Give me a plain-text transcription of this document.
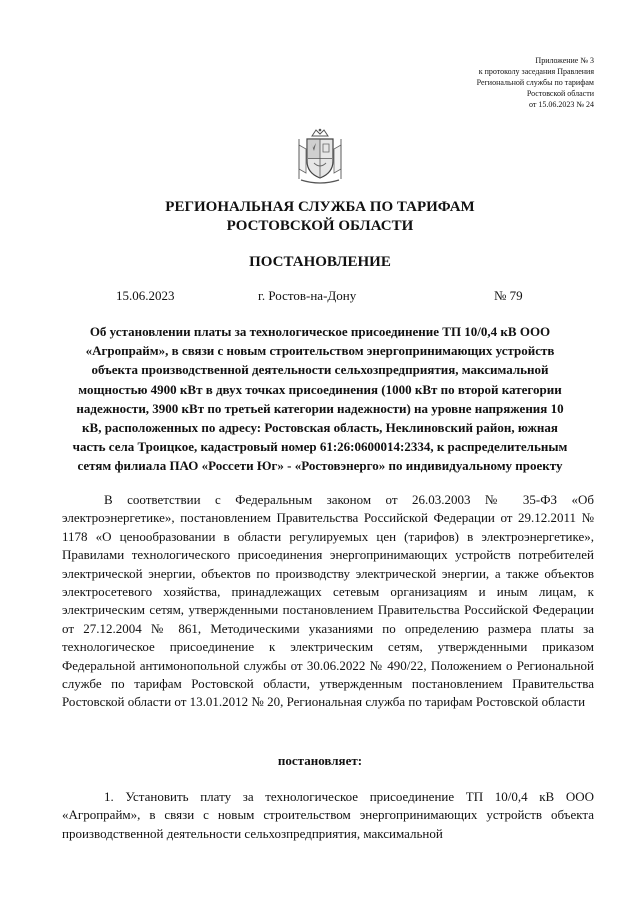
Приложение № 3
к протоколу заседания Правления
Региональной службы по тарифам
Ростовской области
от 15.06.2023 № 24
РЕГИОНАЛЬНАЯ СЛУЖБА ПО ТАРИФАМ
РОСТОВСКОЙ ОБЛАСТИ
ПОСТАНОВЛЕНИЕ
15.06.2023	г. Ростов-на-Дону	№ 79
Об установлении платы за технологическое присоединение ТП 10/0,4 кВ ООО «Агропрайм», в связи с новым строительством энергопринимающих устройств объекта производственной деятельности сельхозпредприятия, максимальной мощностью 4900 кВт в двух точках присоединения (1000 кВт по второй категории надежности, 3900 кВт по третьей категории надежности) на уровне напряжения 10 кВ, расположенных по адресу: Ростовская область, Неклиновский район, южная часть села Троицкое, кадастровый номер 61:26:0600014:2334, к распределительным сетям филиала ПАО «Россети Юг» - «Ростовэнерго» по индивидуальному проекту
В соответствии с Федеральным законом от 26.03.2003 № 35-ФЗ «Об электроэнергетике», постановлением Правительства Российской Федерации от 29.12.2011 № 1178 «О ценообразовании в области регулируемых цен (тарифов) в электроэнергетике», Правилами технологического присоединения энергопринимающих устройств потребителей электрической энергии, объектов по производству электрической энергии, а также объектов электросетевого хозяйства, принадлежащих сетевым организациям и иным лицам, к электрическим сетям, утвержденными постановлением Правительства Российской Федерации от 27.12.2004 № 861, Методическими указаниями по определению размера платы за технологическое присоединение к электрическим сетям, утвержденными приказом Федеральной антимонопольной службы от 30.06.2022 № 490/22, Положением о Региональной службе по тарифам Ростовской области, утвержденным постановлением Правительства Ростовской области от 13.01.2012 № 20, Региональная служба по тарифам Ростовской области
постановляет:
1. Установить плату за технологическое присоединение ТП 10/0,4 кВ ООО «Агропрайм», в связи с новым строительством энергопринимающих устройств объекта производственной деятельности сельхозпредприятия, максимальной
